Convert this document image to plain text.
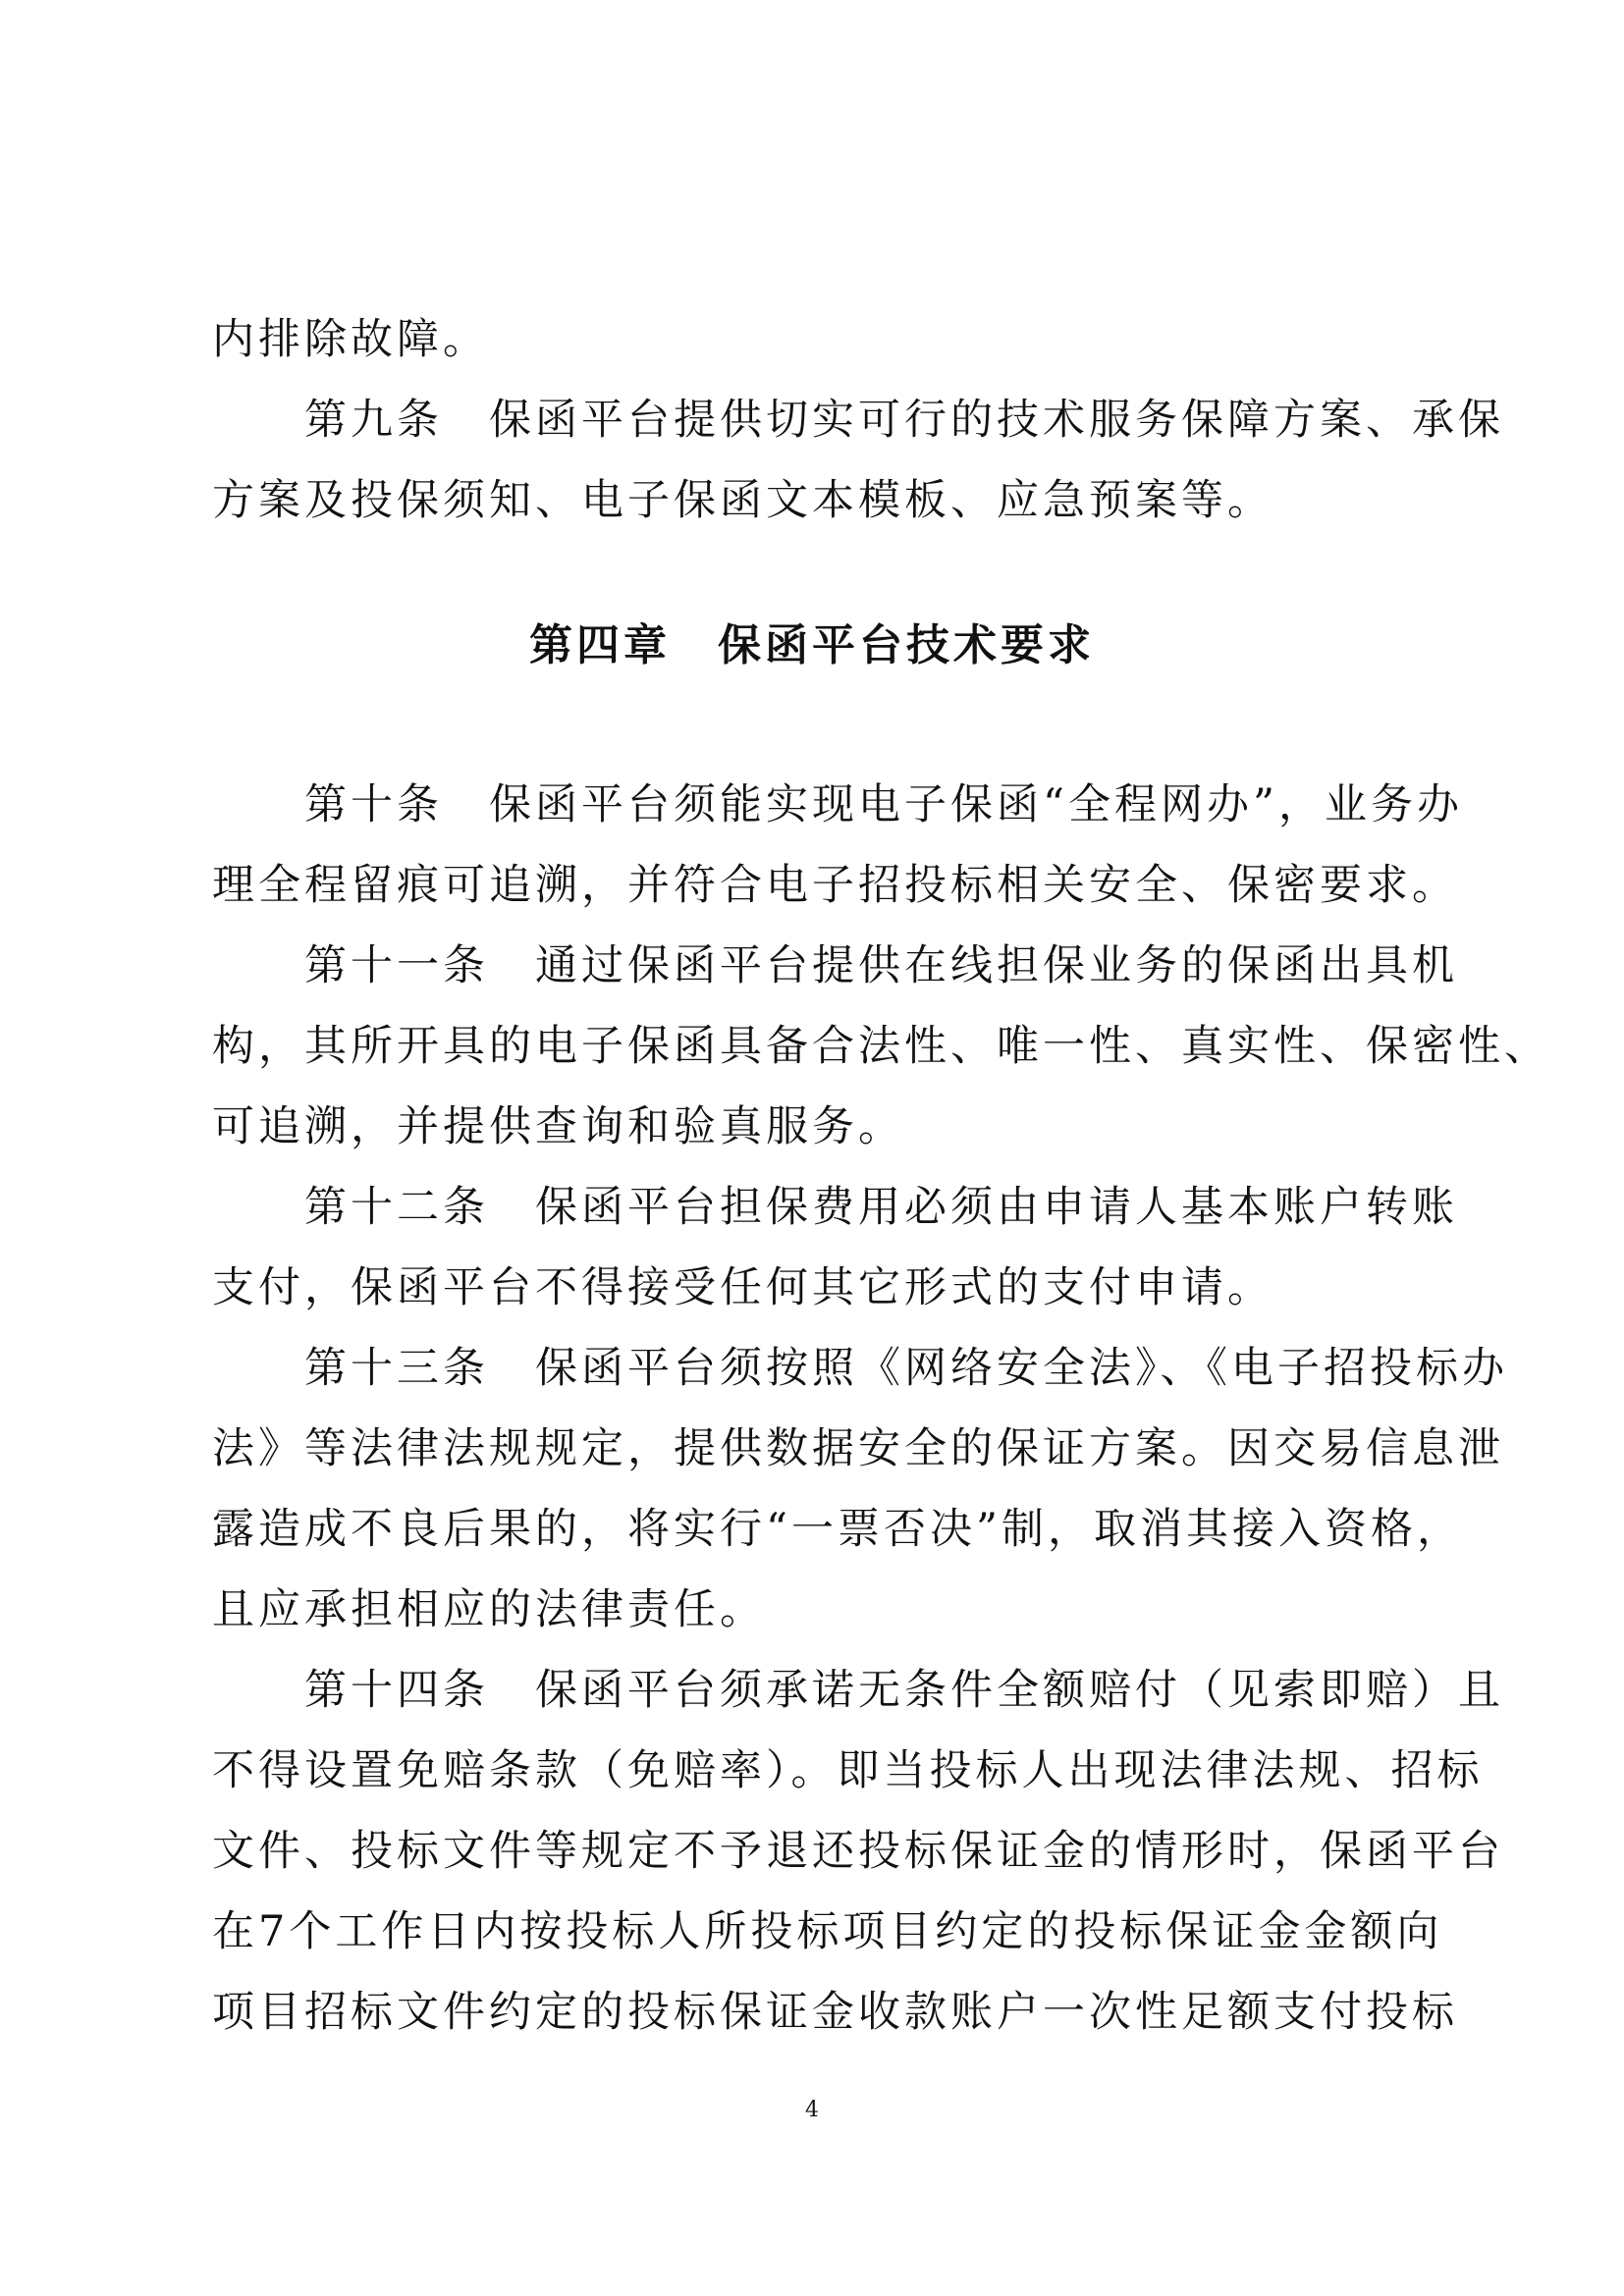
内排除故障。
　　第九条　保函平台提供切实可行的技术服务保障方案、承保
方案及投保须知、电子保函文本模板、应急预案等。
第四章　保函平台技术要求
　　第十条　保函平台须能实现电子保函“全程网办”，业务办
理全程留痕可追溯，并符合电子招投标相关安全、保密要求。
　　第十一条　通过保函平台提供在线担保业务的保函出具机
构，其所开具的电子保函具备合法性、唯一性、真实性、保密性、
可追溯，并提供查询和验真服务。
　　第十二条　保函平台担保费用必须由申请人基本账户转账
支付，保函平台不得接受任何其它形式的支付申请。
　　第十三条　保函平台须按照《网络安全法》、《电子招投标办
法》等法律法规规定，提供数据安全的保证方案。因交易信息泄
露造成不良后果的，将实行“一票否决”制，取消其接入资格，
且应承担相应的法律责任。
　　第十四条　保函平台须承诺无条件全额赔付（见索即赔）且
不得设置免赔条款（免赔率）。即当投标人出现法律法规、招标
文件、投标文件等规定不予退还投标保证金的情形时，保函平台
在7个工作日内按投标人所投标项目约定的投标保证金金额向
项目招标文件约定的投标保证金收款账户一次性足额支付投标
4
